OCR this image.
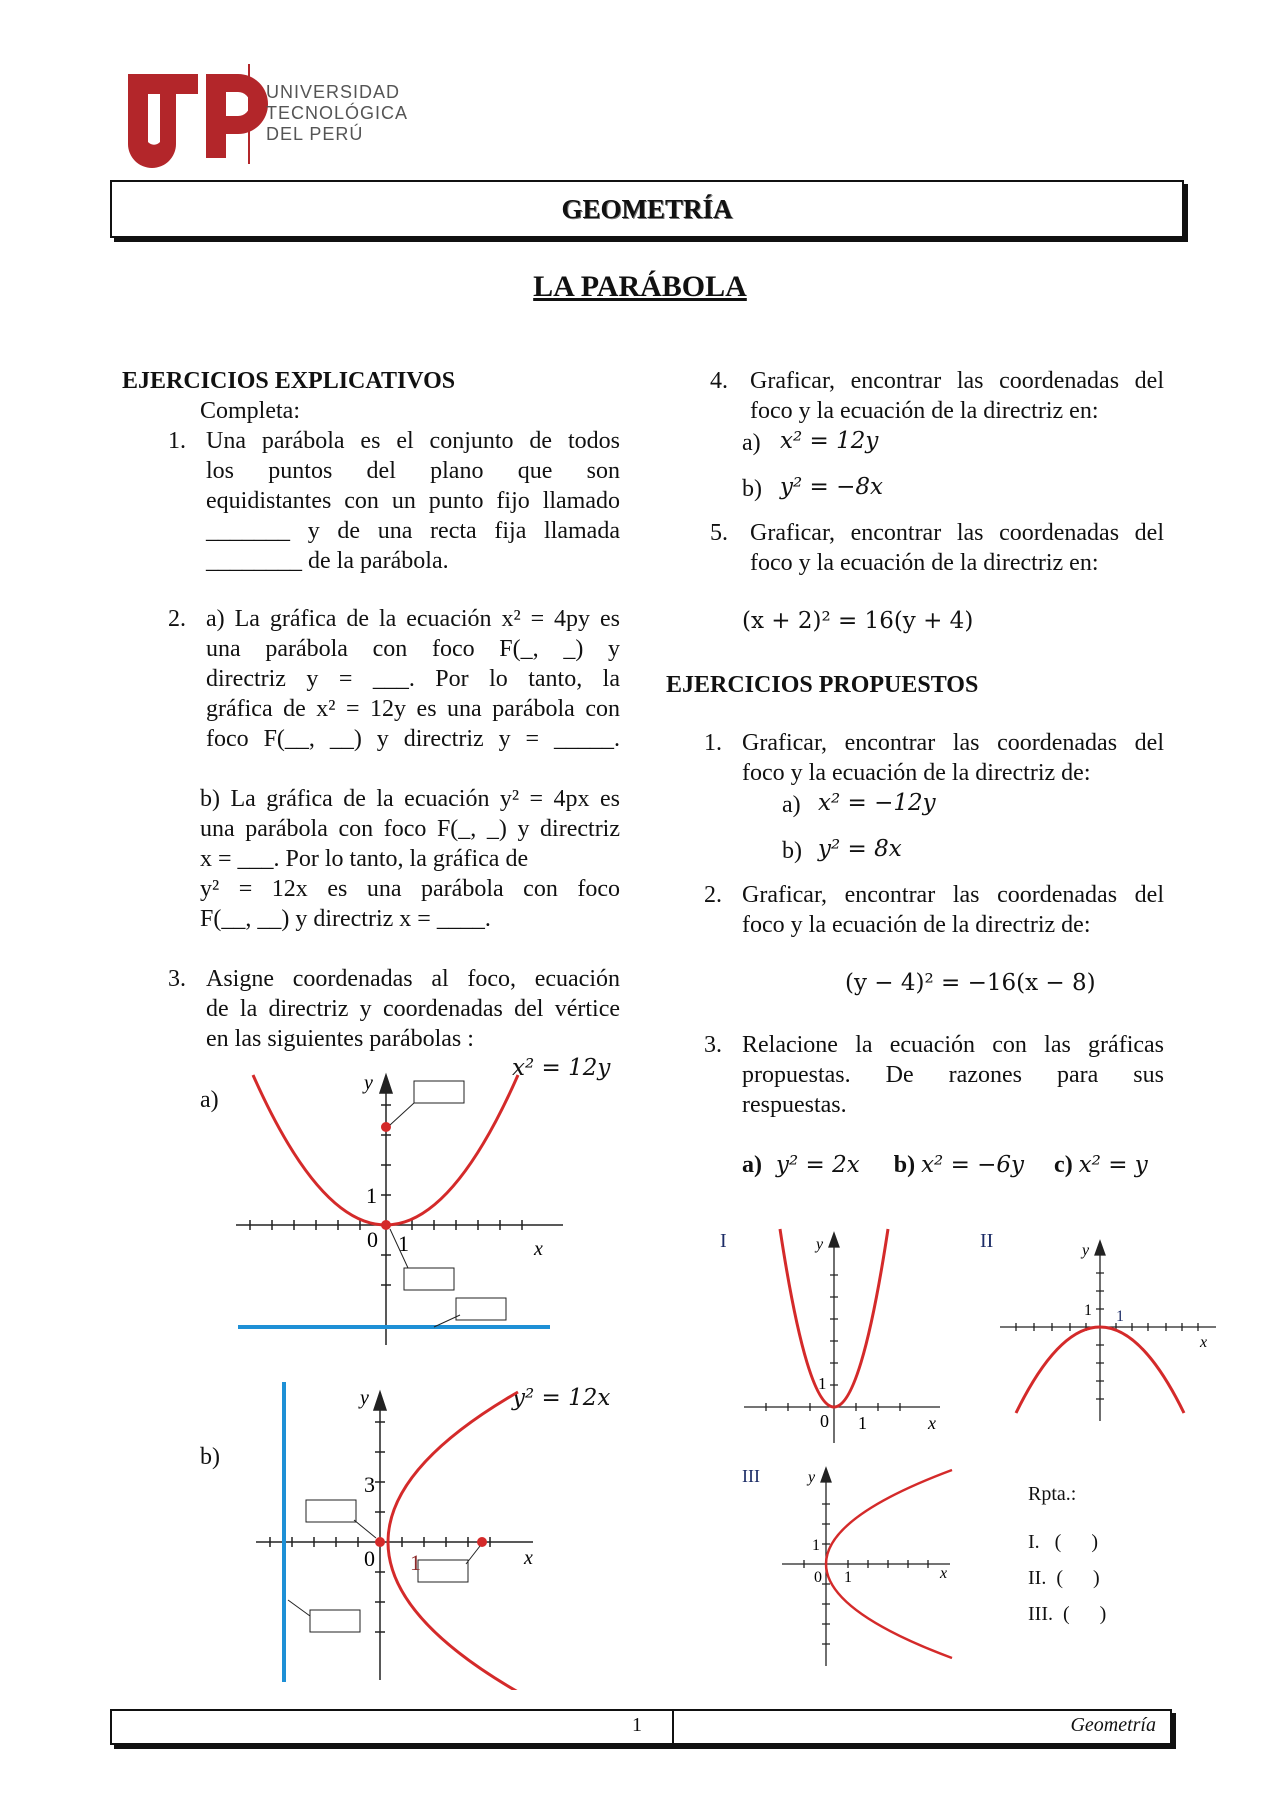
UNIVERSIDAD
TECNOLÓGICA
DEL PERÚ
GEOMETRÍA
LA PARÁBOLA
EJERCICIOS EXPLICATIVOS
Completa:
1. Una parábola es el conjunto de todos
los puntos del plano que son
equidistantes con un punto fijo llamado
_______ y de una recta fija llamada
________ de la parábola.
2. a) La gráfica de la ecuación x² = 4py es
una parábola con foco F(_, _) y
directriz y = ___. Por lo tanto, la
gráfica de x² = 12y es una parábola con
foco F(__, __) y directriz y = _____.
b) La gráfica de la ecuación y² = 4px es
una parábola con foco F(_, _) y directriz
x = ___. Por lo tanto, la gráfica de
y² = 12x es una parábola con foco
F(__, __) y directriz x = ____.
3. Asigne coordenadas al foco, ecuación
de la directriz y coordenadas del vértice
en las siguientes parábolas :
a)
x² = 12y
y
x
1
0 1
b)
y² = 12x
y
x
3
0 1
4. Graficar, encontrar las coordenadas del
foco y la ecuación de la directriz en:
a) x² = 12y
b) y² = −8x
5. Graficar, encontrar las coordenadas del
foco y la ecuación de la directriz en:
(x + 2)² = 16(y + 4)
EJERCICIOS PROPUESTOS
1. Graficar, encontrar las coordenadas del
foco y la ecuación de la directriz de:
a) x² = −12y
b) y² = 8x
2. Graficar, encontrar las coordenadas del
foco y la ecuación de la directriz de:
(y − 4)² = −16(x − 8)
3. Relacione la ecuación con las gráficas
propuestas. De razones para sus
respuestas.
a) y² = 2x b) x² = −6y c) x² = y
I	y
x
1
0 1
II	y
x
1 1
III	y
x
1
0 1
Rpta.:
I.   (      )
II.  (      )
III.  (      )
1	Geometría
